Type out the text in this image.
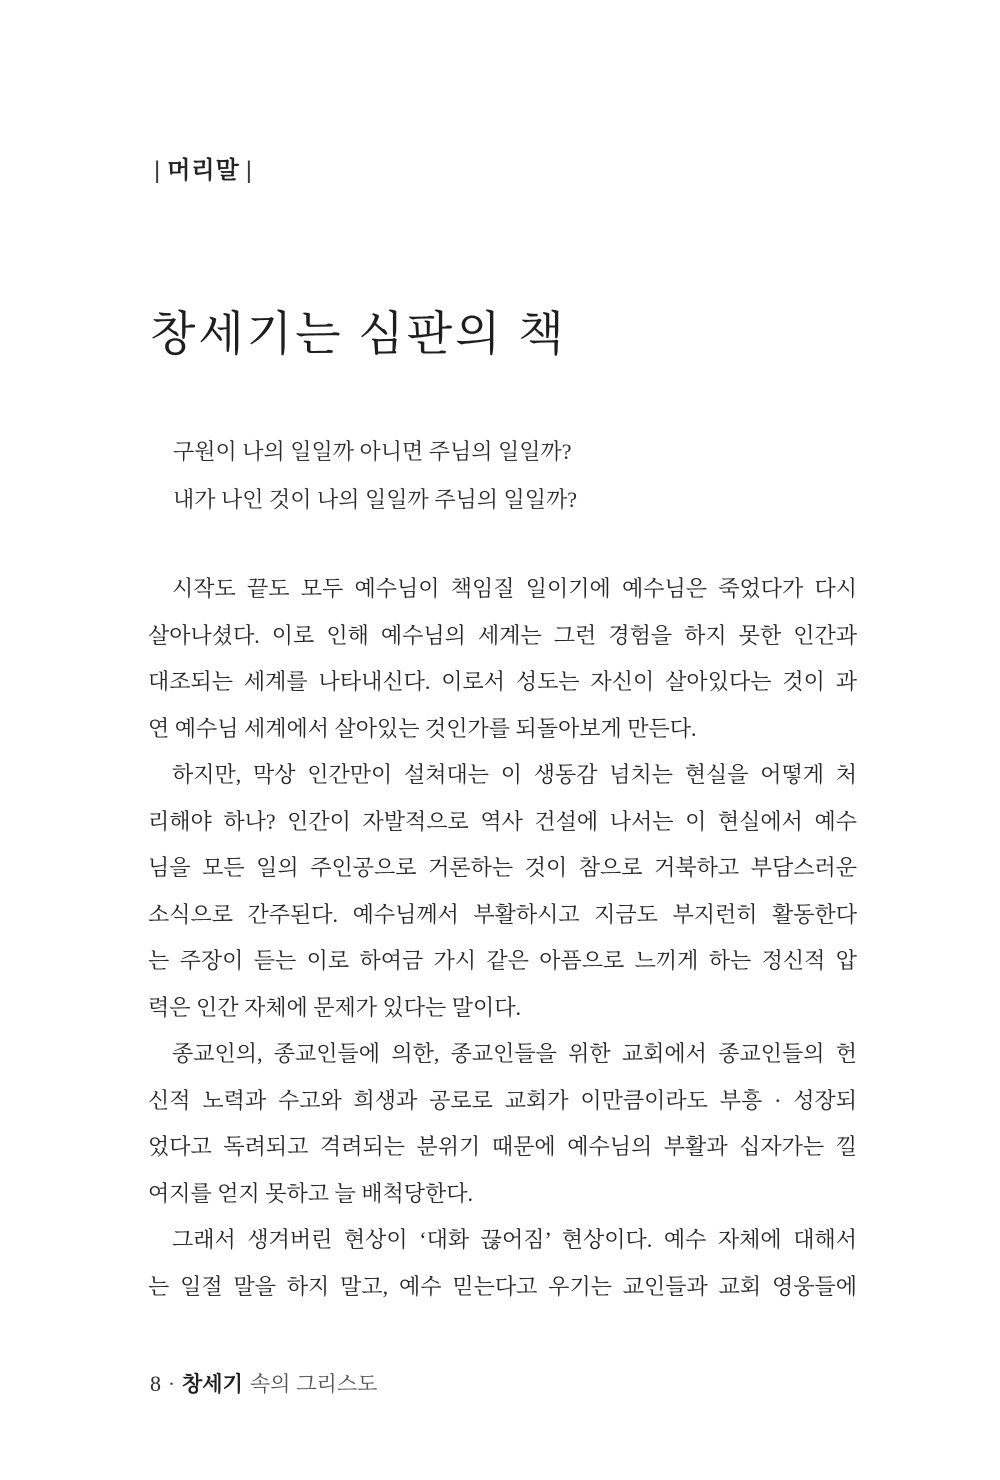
| 머리말 |
창세기는 심판의 책
구원이 나의 일일까 아니면 주님의 일일까?
내가 나인 것이 나의 일일까 주님의 일일까?
시작도 끝도 모두 예수님이 책임질 일이기에 예수님은 죽었다가 다시
살아나셨다. 이로 인해 예수님의 세계는 그런 경험을 하지 못한 인간과
대조되는 세계를 나타내신다. 이로서 성도는 자신이 살아있다는 것이 과
연 예수님 세계에서 살아있는 것인가를 되돌아보게 만든다.
하지만, 막상 인간만이 설쳐대는 이 생동감 넘치는 현실을 어떻게 처
리해야 하나? 인간이 자발적으로 역사 건설에 나서는 이 현실에서 예수
님을 모든 일의 주인공으로 거론하는 것이 참으로 거북하고 부담스러운
소식으로 간주된다. 예수님께서 부활하시고 지금도 부지런히 활동한다
는 주장이 듣는 이로 하여금 가시 같은 아픔으로 느끼게 하는 정신적 압
력은 인간 자체에 문제가 있다는 말이다.
종교인의, 종교인들에 의한, 종교인들을 위한 교회에서 종교인들의 헌
신적 노력과 수고와 희생과 공로로 교회가 이만큼이라도 부흥 · 성장되
었다고 독려되고 격려되는 분위기 때문에 예수님의 부활과 십자가는 낄
여지를 얻지 못하고 늘 배척당한다.
그래서 생겨버린 현상이 ‘대화 끊어짐’ 현상이다. 예수 자체에 대해서
는 일절 말을 하지 말고, 예수 믿는다고 우기는 교인들과 교회 영웅들에
8 · 창세기 속의 그리스도
